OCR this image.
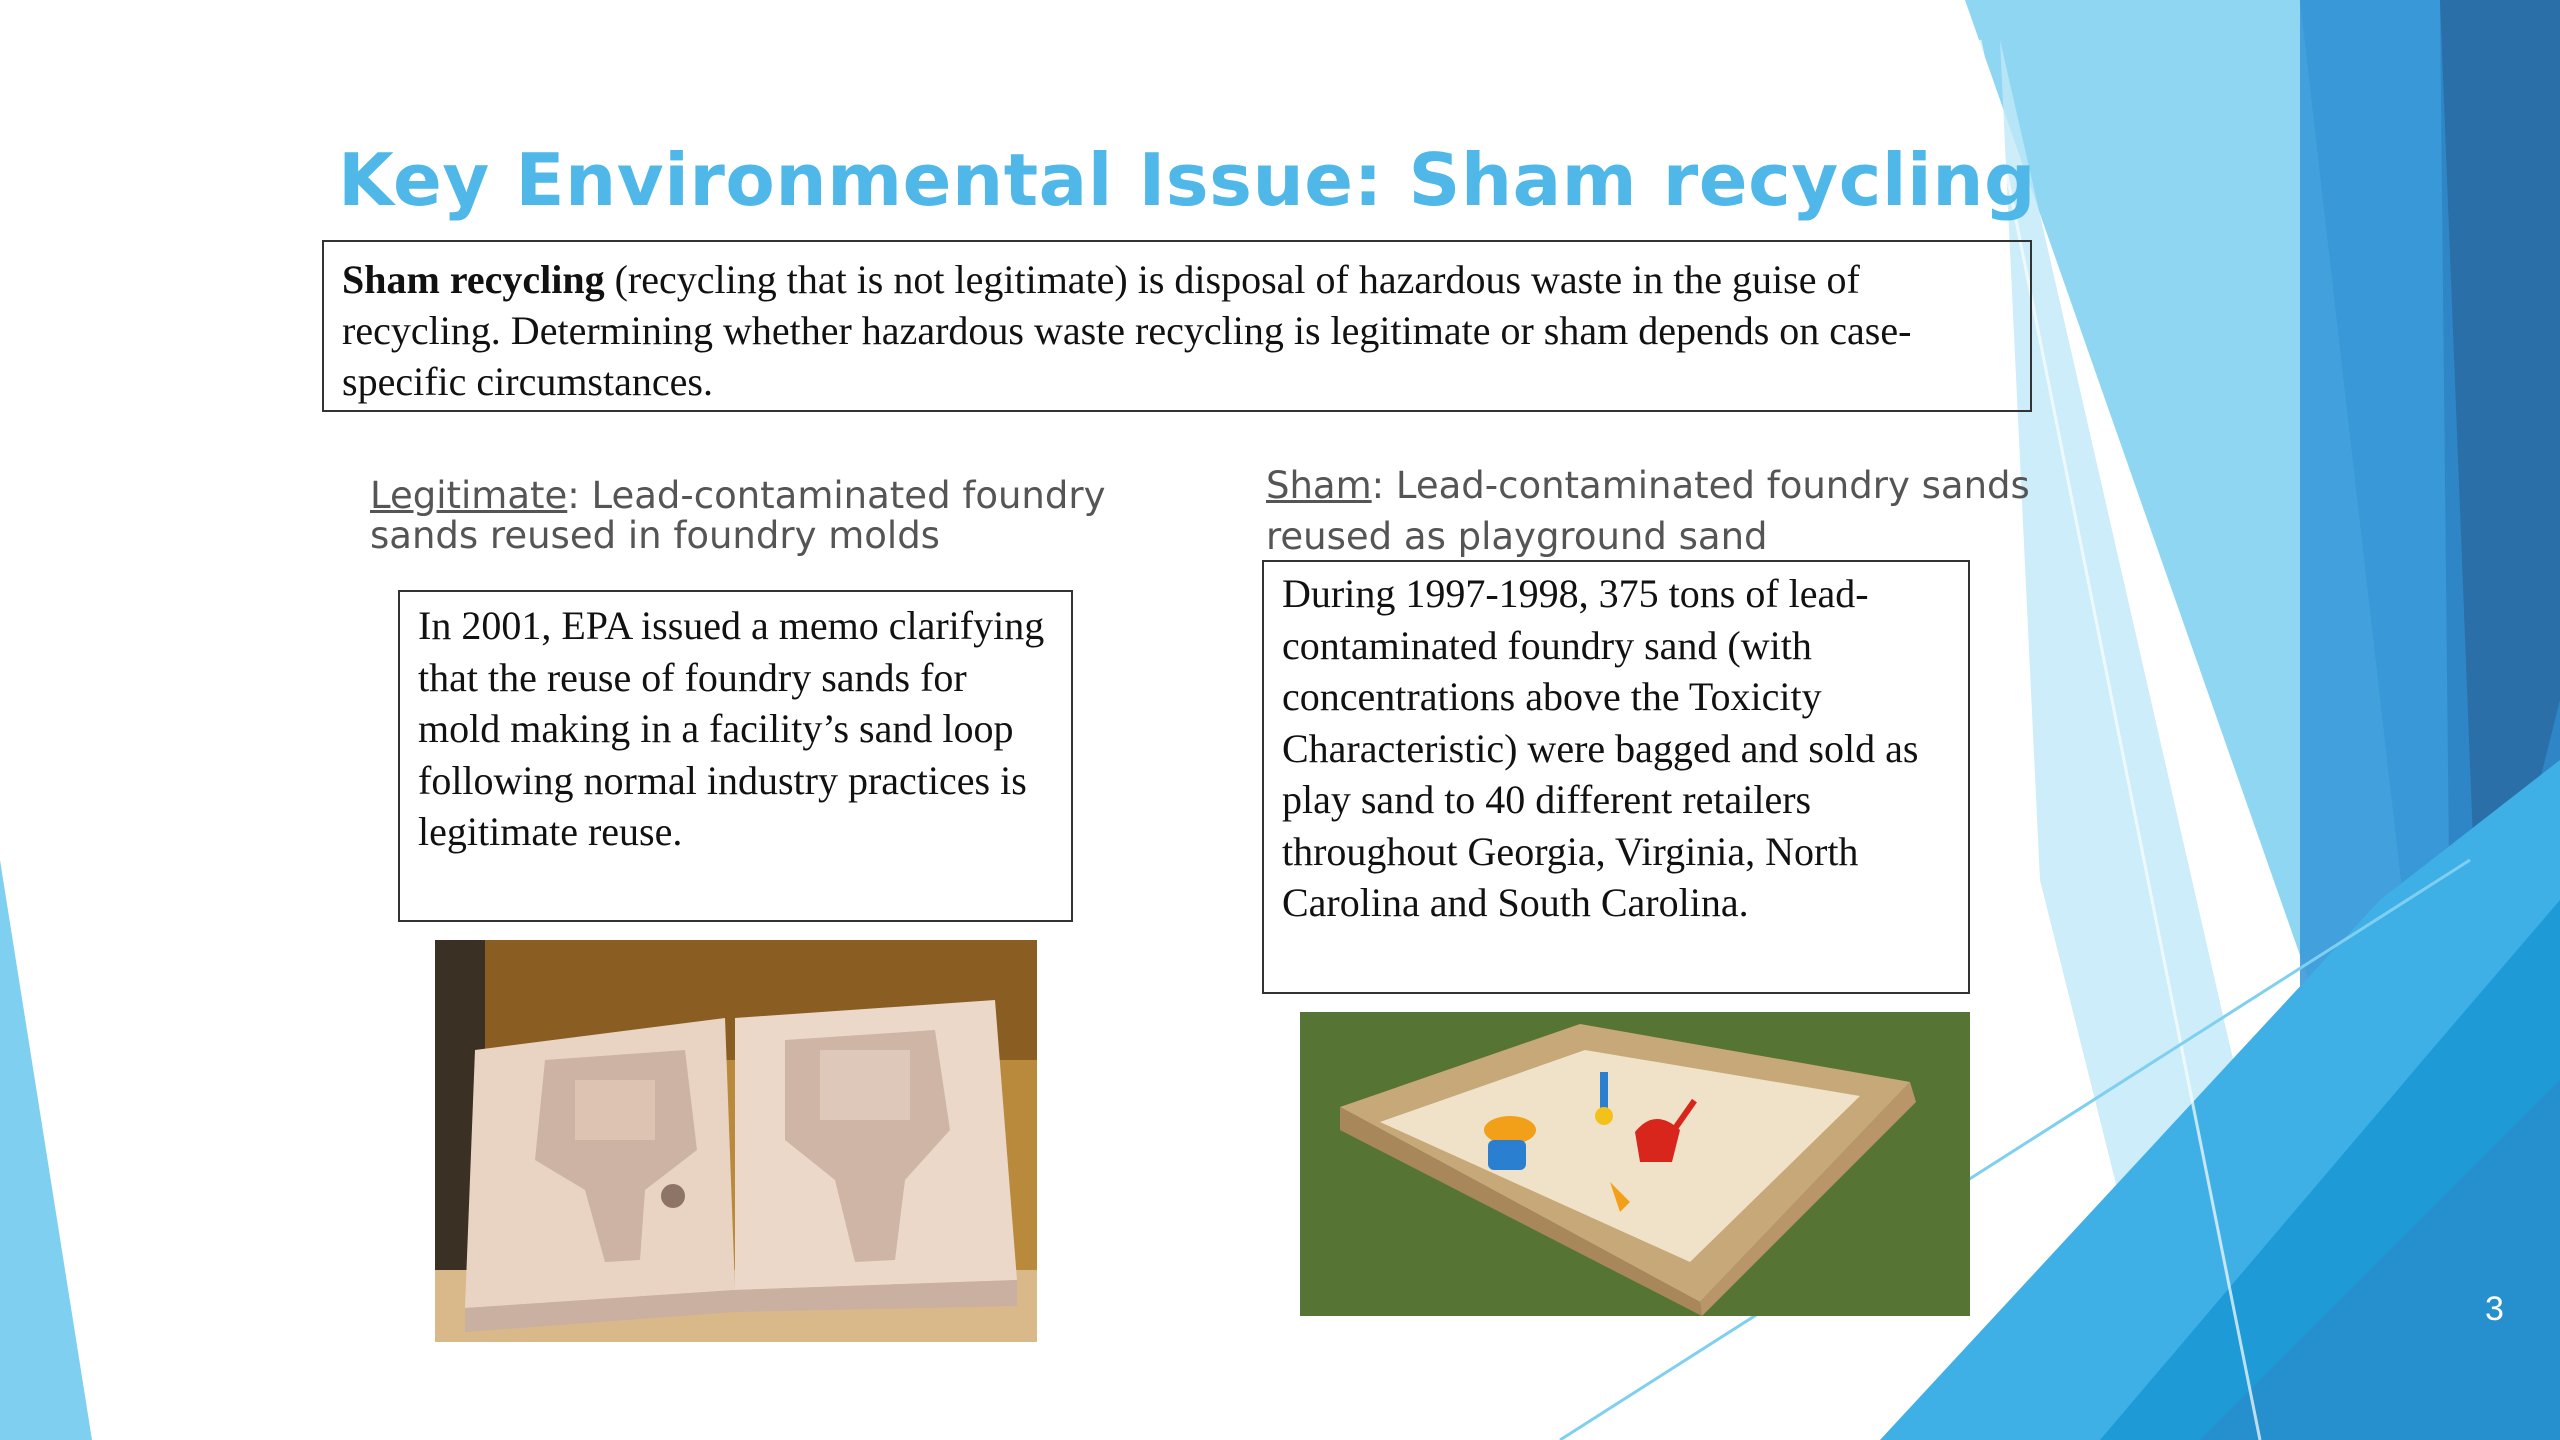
Key Environmental Issue: Sham recycling
Sham recycling (recycling that is not legitimate) is disposal of hazardous waste in the guise of recycling. Determining whether hazardous waste recycling is legitimate or sham depends on case-specific circumstances.
Legitimate: Lead-contaminated foundry sands reused in foundry molds
Sham: Lead-contaminated foundry sands reused as playground sand
In 2001, EPA issued a memo clarifying that the reuse of foundry sands for mold making in a facility’s sand loop following normal industry practices is legitimate reuse.
During 1997-1998, 375 tons of lead-contaminated foundry sand (with concentrations above the Toxicity Characteristic) were bagged and sold as play sand to 40 different retailers throughout Georgia, Virginia, North Carolina and South Carolina.
3
